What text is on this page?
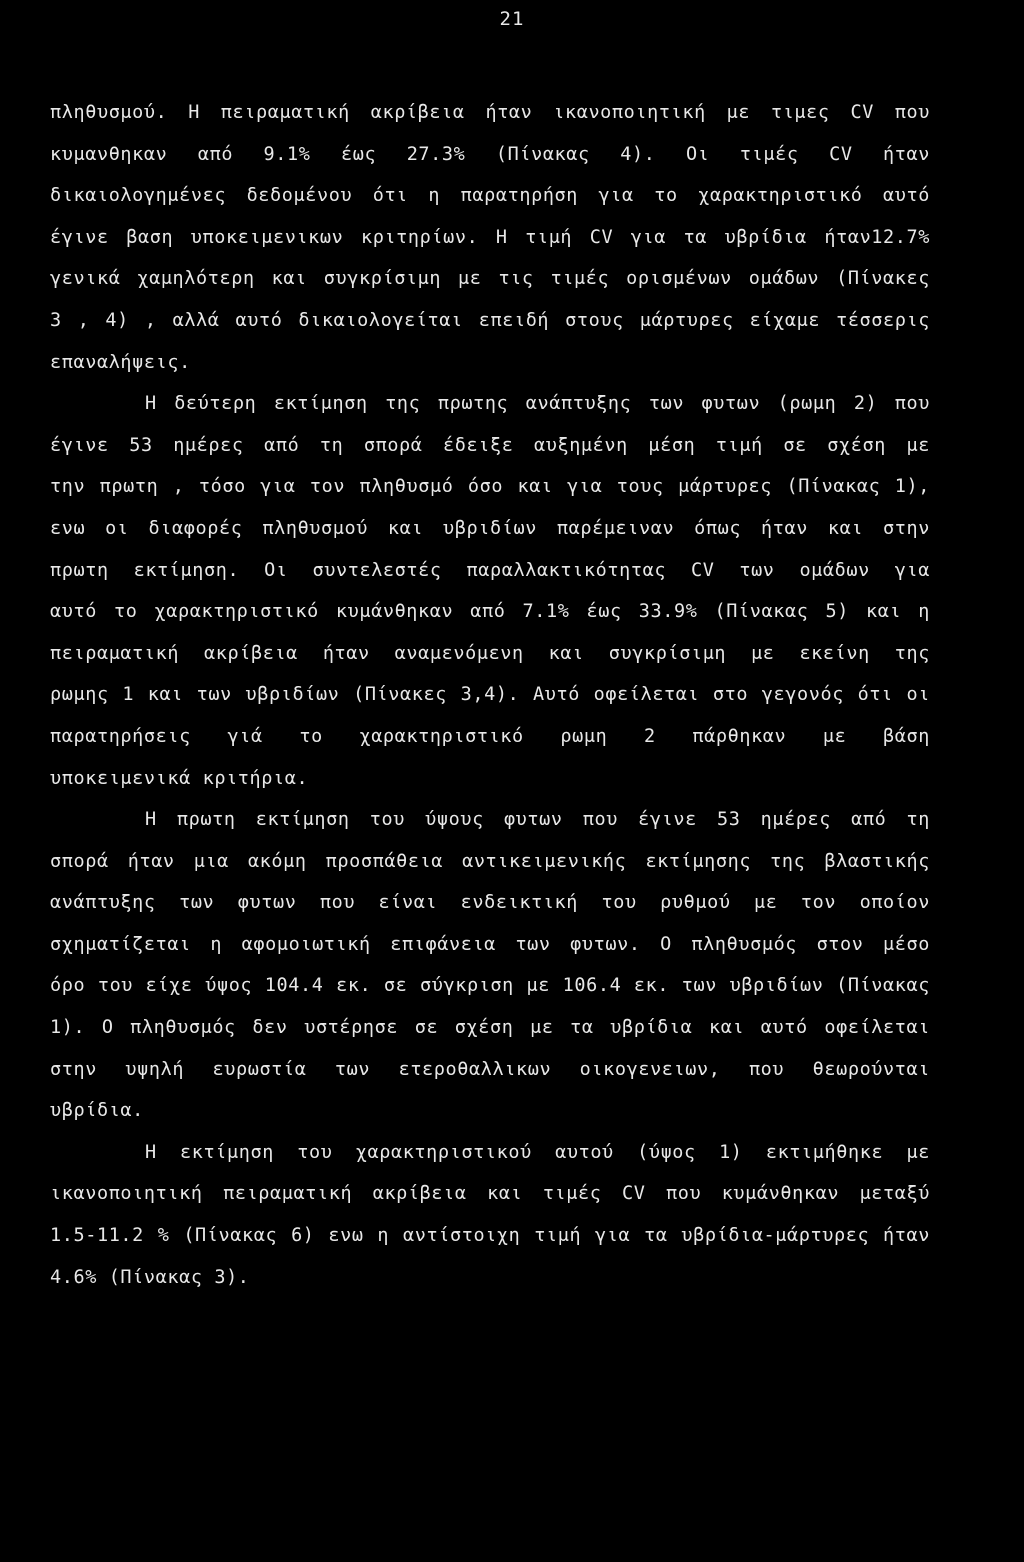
21
πληθυσμού. Η πειραματική ακρίβεια ήταν ικανοποιητική με τιμες CV που
κυμανθηκαν από 9.1% έως 27.3% (Πίνακας 4). Οι τιμές CV ήταν
δικαιολογημένες δεδομένου ότι η παρατηρήση για το χαρακτηριστικό αυτό
έγινε βαση υποκειμενικων κριτηρίων. Η τιμή CV για τα υβρίδια ήταν12.7%
γενικά χαμηλότερη και συγκρίσιμη με τις τιμές ορισμένων ομάδων (Πίνακες
3 , 4) , αλλά αυτό δικαιολογείται επειδή στους μάρτυρες είχαμε τέσσερις
επαναλήψεις.
Η δεύτερη εκτίμηση της πρωτης ανάπτυξης των φυτων (ρωμη 2) που
έγινε 53 ημέρες από τη σπορά έδειξε αυξημένη μέση τιμή σε σχέση με
την πρωτη , τόσο για τον πληθυσμό όσο και για τους μάρτυρες (Πίνακας 1),
ενω οι διαφορές πληθυσμού και υβριδίων παρέμειναν όπως ήταν και στην
πρωτη εκτίμηση. Οι συντελεστές παραλλακτικότητας CV των ομάδων για
αυτό το χαρακτηριστικό κυμάνθηκαν από 7.1% έως 33.9% (Πίνακας 5) και η
πειραματική ακρίβεια ήταν αναμενόμενη και συγκρίσιμη με εκείνη της
ρωμης 1 και των υβριδίων (Πίνακες 3,4). Αυτό οφείλεται στο γεγονός ότι οι
παρατηρήσεις γιά το χαρακτηριστικό ρωμη 2 πάρθηκαν με βάση
υποκειμενικά κριτήρια.
Η πρωτη εκτίμηση του ύψους φυτων που έγινε 53 ημέρες από τη
σπορά ήταν μια ακόμη προσπάθεια αντικειμενικής εκτίμησης της βλαστικής
ανάπτυξης των φυτων που είναι ενδεικτική του ρυθμού με τον οποίον
σχηματίζεται η αφομοιωτική επιφάνεια των φυτων. Ο πληθυσμός στον μέσο
όρο του είχε ύψος 104.4 εκ. σε σύγκριση με 106.4 εκ. των υβριδίων (Πίνακας
1). Ο πληθυσμός δεν υστέρησε σε σχέση με τα υβρίδια και αυτό οφείλεται
στην υψηλή ευρωστία των ετεροθαλλικων οικογενειων, που θεωρούνται
υβρίδια.
Η εκτίμηση του χαρακτηριστικού αυτού (ύψος 1) εκτιμήθηκε με
ικανοποιητική πειραματική ακρίβεια και τιμές CV που κυμάνθηκαν μεταξύ
1.5-11.2 % (Πίνακας 6) ενω η αντίστοιχη τιμή για τα υβρίδια-μάρτυρες ήταν
4.6% (Πίνακας 3).
